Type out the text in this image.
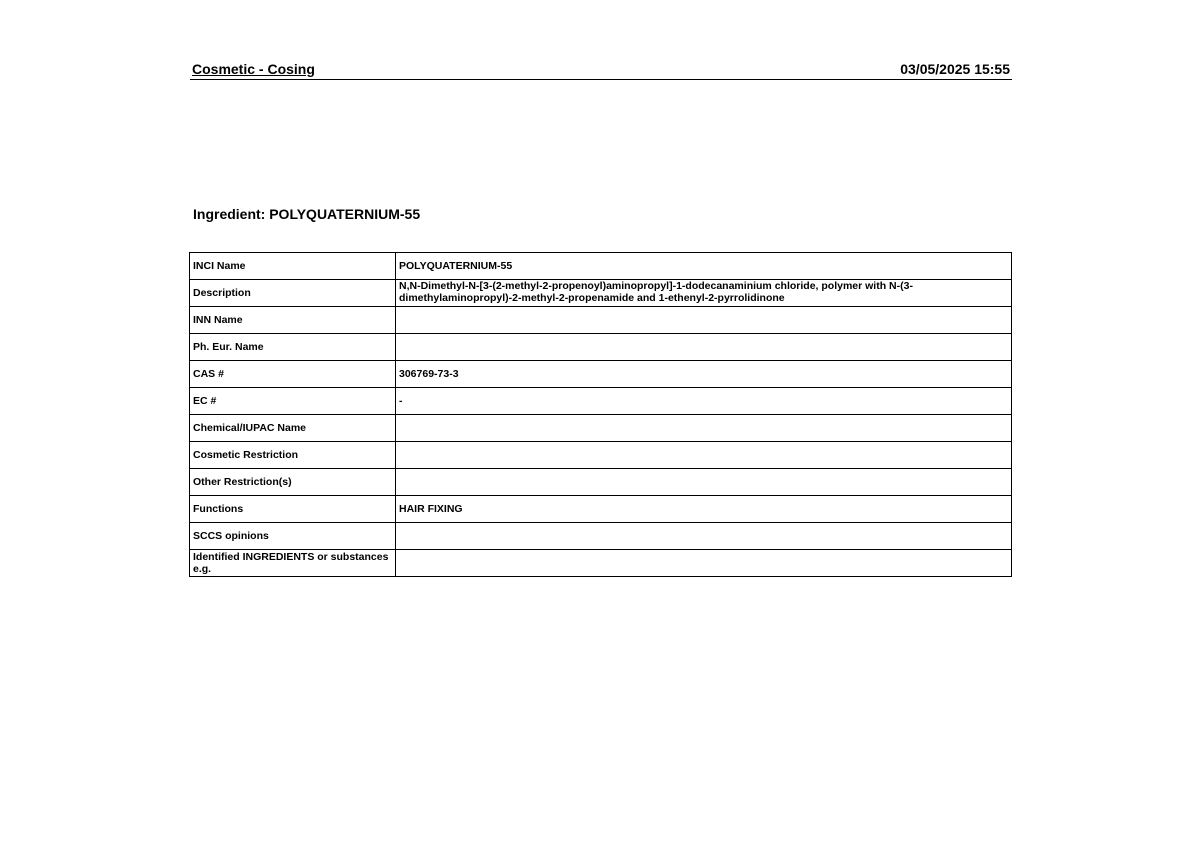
Cosmetic - Cosing	03/05/2025 15:55
Ingredient: POLYQUATERNIUM-55
INCI Name	POLYQUATERNIUM-55
Description	N,N-Dimethyl-N-[3-(2-methyl-2-propenoyl)aminopropyl]-1-dodecanaminium chloride, polymer with N-(3-dimethylaminopropyl)-2-methyl-2-propenamide and 1-ethenyl-2-pyrrolidinone

INN Name	
Ph. Eur. Name	
CAS #	306769-73-3
EC #	-
Chemical/IUPAC Name	
Cosmetic Restriction	
Other Restriction(s)	
Functions	HAIR FIXING
SCCS opinions	
Identified INGREDIENTS or substances e.g.	
